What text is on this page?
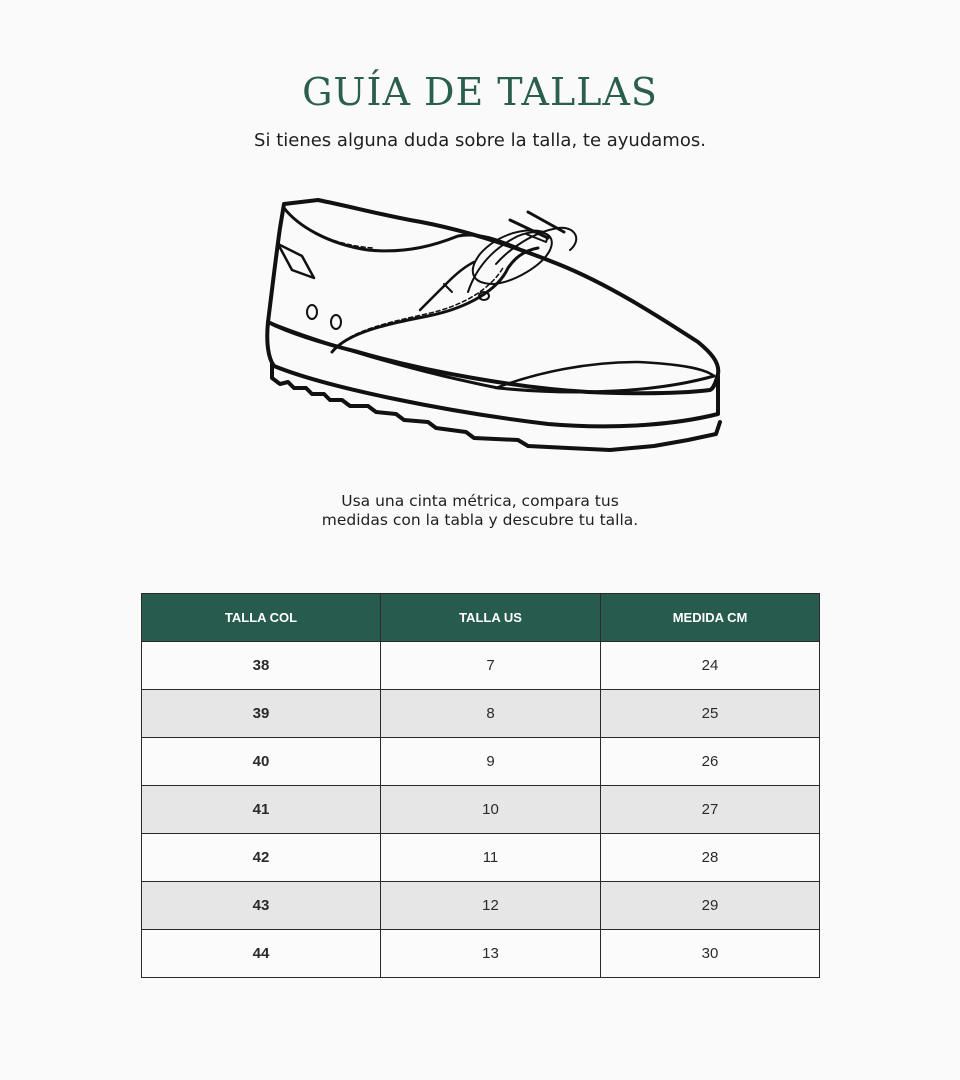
GUÍA DE TALLAS

Si tienes alguna duda sobre la talla, te ayudamos.

Usa una cinta métrica, compara tus
medidas con la tabla y descubre tu talla.

TALLA COL	TALLA US	MEDIDA CM
38	7	24
39	8	25
40	9	26
41	10	27
42	11	28
43	12	29
44	13	30
